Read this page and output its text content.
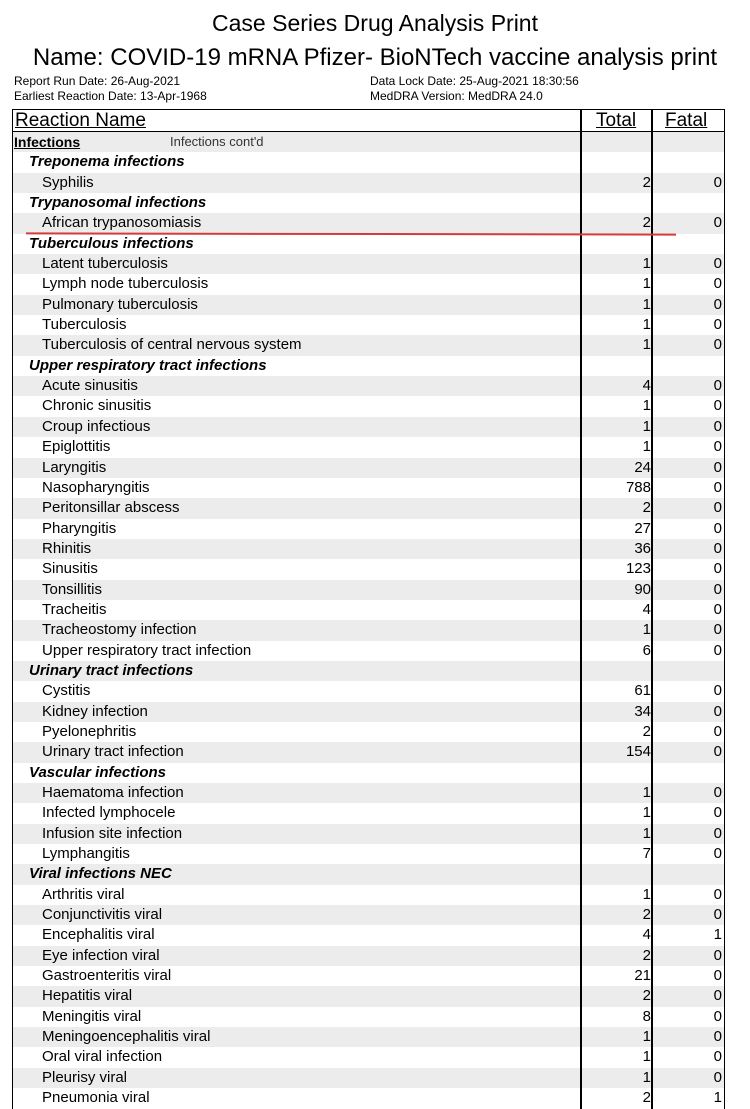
Case Series Drug Analysis Print
Name: COVID-19 mRNA Pfizer- BioNTech vaccine analysis print
Report Run Date: 26-Aug-2021
Earliest Reaction Date: 13-Apr-1968
Data Lock Date: 25-Aug-2021 18:30:56
MedDRA Version: MedDRA 24.0
Reaction Name	Total Fatal
Infections	Infections cont'd
Treponema infections
Syphilis	2	0
Trypanosomal infections
African trypanosomiasis	2	0
Tuberculous infections
Latent tuberculosis	1	0
Lymph node tuberculosis	1	0
Pulmonary tuberculosis	1	0
Tuberculosis	1	0
Tuberculosis of central nervous system	1	0
Upper respiratory tract infections
Acute sinusitis	4	0
Chronic sinusitis	1	0
Croup infectious	1	0
Epiglottitis	1	0
Laryngitis	24	0
Nasopharyngitis	788	0
Peritonsillar abscess	2	0
Pharyngitis	27	0
Rhinitis	36	0
Sinusitis	123	0
Tonsillitis	90	0
Tracheitis	4	0
Tracheostomy infection	1	0
Upper respiratory tract infection	6	0
Urinary tract infections
Cystitis	61	0
Kidney infection	34	0
Pyelonephritis	2	0
Urinary tract infection	154	0
Vascular infections
Haematoma infection	1	0
Infected lymphocele	1	0
Infusion site infection	1	0
Lymphangitis	7	0
Viral infections NEC
Arthritis viral	1	0
Conjunctivitis viral	2	0
Encephalitis viral	4	1
Eye infection viral	2	0
Gastroenteritis viral	21	0
Hepatitis viral	2	0
Meningitis viral	8	0
Meningoencephalitis viral	1	0
Oral viral infection	1	0
Pleurisy viral	1	0
Pneumonia viral	2	1
